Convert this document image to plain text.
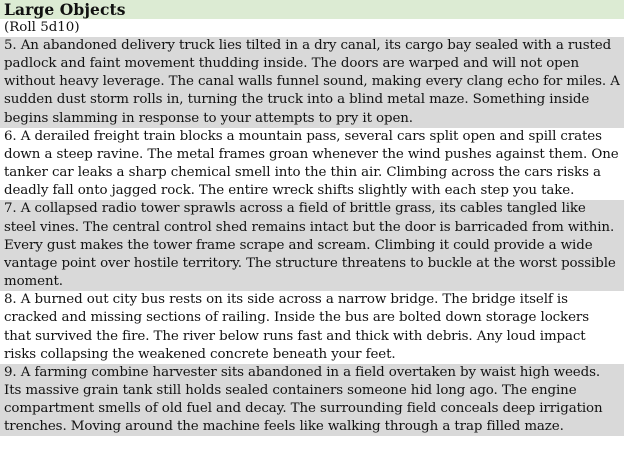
Large Objects
(Roll 5d10)
5. An abandoned delivery truck lies tilted in a dry canal, its cargo bay sealed with a rusted padlock and faint movement thudding inside. The doors are warped and will not open without heavy leverage. The canal walls funnel sound, making every clang echo for miles. A sudden dust storm rolls in, turning the truck into a blind metal maze. Something inside begins slamming in response to your attempts to pry it open.
6. A derailed freight train blocks a mountain pass, several cars split open and spill crates down a steep ravine. The metal frames groan whenever the wind pushes against them. One tanker car leaks a sharp chemical smell into the thin air. Climbing across the cars risks a deadly fall onto jagged rock. The entire wreck shifts slightly with each step you take.
7. A collapsed radio tower sprawls across a field of brittle grass, its cables tangled like steel vines. The central control shed remains intact but the door is barricaded from within. Every gust makes the tower frame scrape and scream. Climbing it could provide a wide vantage point over hostile territory. The structure threatens to buckle at the worst possible moment.
8. A burned out city bus rests on its side across a narrow bridge. The bridge itself is cracked and missing sections of railing. Inside the bus are bolted down storage lockers that survived the fire. The river below runs fast and thick with debris. Any loud impact risks collapsing the weakened concrete beneath your feet.
9. A farming combine harvester sits abandoned in a field overtaken by waist high weeds. Its massive grain tank still holds sealed containers someone hid long ago. The engine compartment smells of old fuel and decay. The surrounding field conceals deep irrigation trenches. Moving around the machine feels like walking through a trap filled maze.
